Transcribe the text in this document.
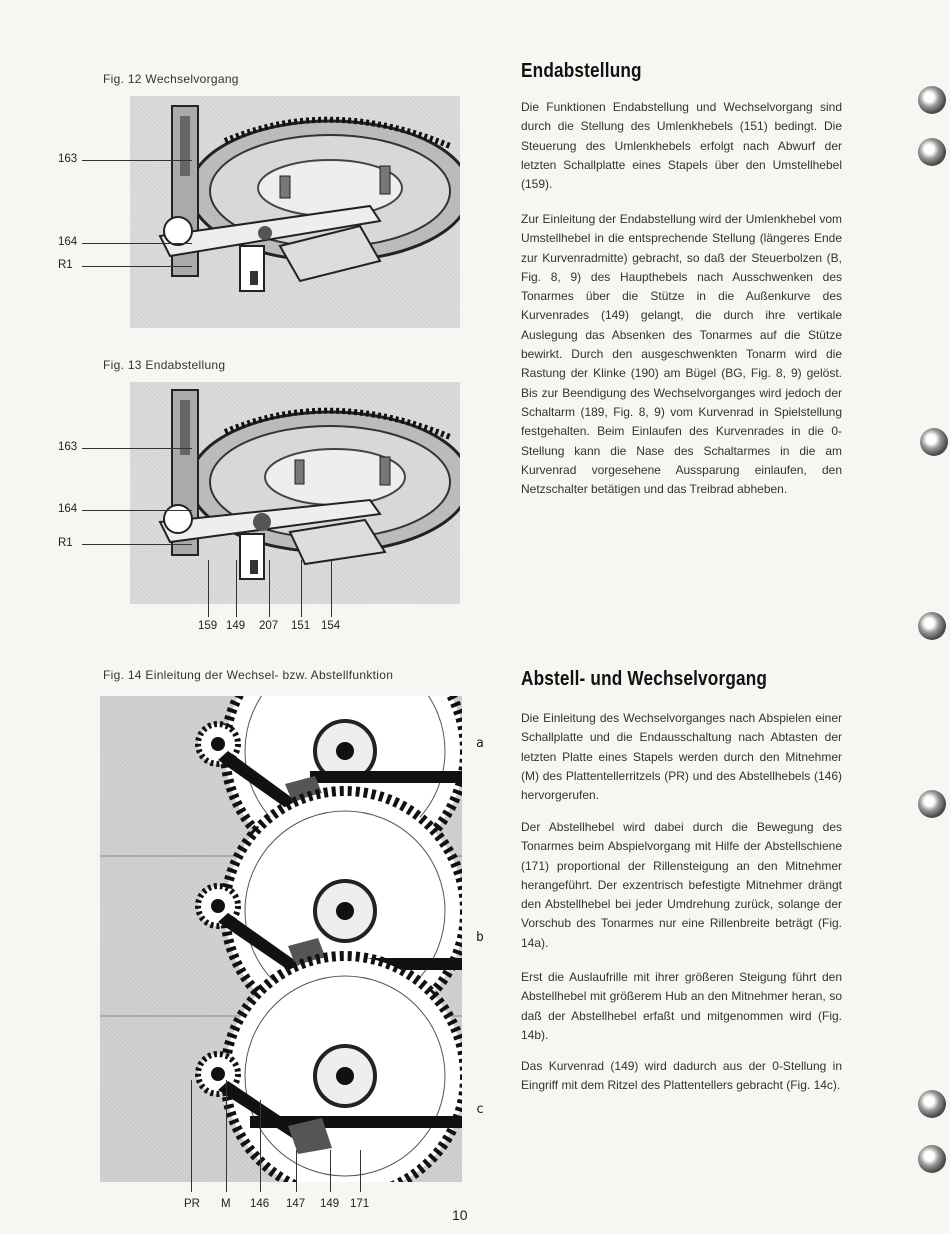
Fig. 12 Wechselvorgang
163
164
R1
Fig. 13 Endabstellung
163
164
R1
159 149 207 151 154
Fig. 14 Einleitung der Wechsel- bzw. Abstellfunktion
a
b
c
PR M 146 147 149 171
Endabstellung
Die Funktionen Endabstellung und Wechselvorgang sind durch die Stellung des Umlenkhebels (151) bedingt. Die Steuerung des Umlenkhebels erfolgt nach Abwurf der letzten Schallplatte eines Stapels über den Umstellhebel (159).
Zur Einleitung der Endabstellung wird der Umlenkhebel vom Umstellhebel in die entsprechende Stellung (längeres Ende zur Kurvenradmitte) gebracht, so daß der Steuerbolzen (B, Fig. 8, 9) des Haupthebels nach Ausschwenken des Tonarmes über die Stütze in die Außenkurve des Kurvenrades (149) gelangt, die durch ihre vertikale Auslegung das Absenken des Tonarmes auf die Stütze bewirkt. Durch den ausgeschwenkten Tonarm wird die Rastung der Klinke (190) am Bügel (BG, Fig. 8, 9) gelöst. Bis zur Beendigung des Wechselvorganges wird jedoch der Schaltarm (189, Fig. 8, 9) vom Kurvenrad in Spielstellung festgehalten. Beim Einlaufen des Kurvenrades in die 0-Stellung kann die Nase des Schaltarmes in die am Kurvenrad vorgesehene Aussparung einlaufen, den Netzschalter betätigen und das Treibrad abheben.
Abstell- und Wechselvorgang
Die Einleitung des Wechselvorganges nach Abspielen einer Schallplatte und die Endausschaltung nach Abtasten der letzten Platte eines Stapels werden durch den Mitnehmer (M) des Plattentellerritzels (PR) und des Abstellhebels (146) hervorgerufen.
Der Abstellhebel wird dabei durch die Bewegung des Tonarmes beim Abspielvorgang mit Hilfe der Abstellschiene (171) proportional der Rillensteigung an den Mitnehmer herangeführt. Der exzentrisch befestigte Mitnehmer drängt den Abstellhebel bei jeder Umdrehung zurück, solange der Vorschub des Tonarmes nur eine Rillenbreite beträgt (Fig. 14a).
Erst die Auslaufrille mit ihrer größeren Steigung führt den Abstellhebel mit größerem Hub an den Mitnehmer heran, so daß der Abstellhebel erfaßt und mitgenommen wird (Fig. 14b).
Das Kurvenrad (149) wird dadurch aus der 0-Stellung in Eingriff mit dem Ritzel des Plattentellers gebracht (Fig. 14c).
10
